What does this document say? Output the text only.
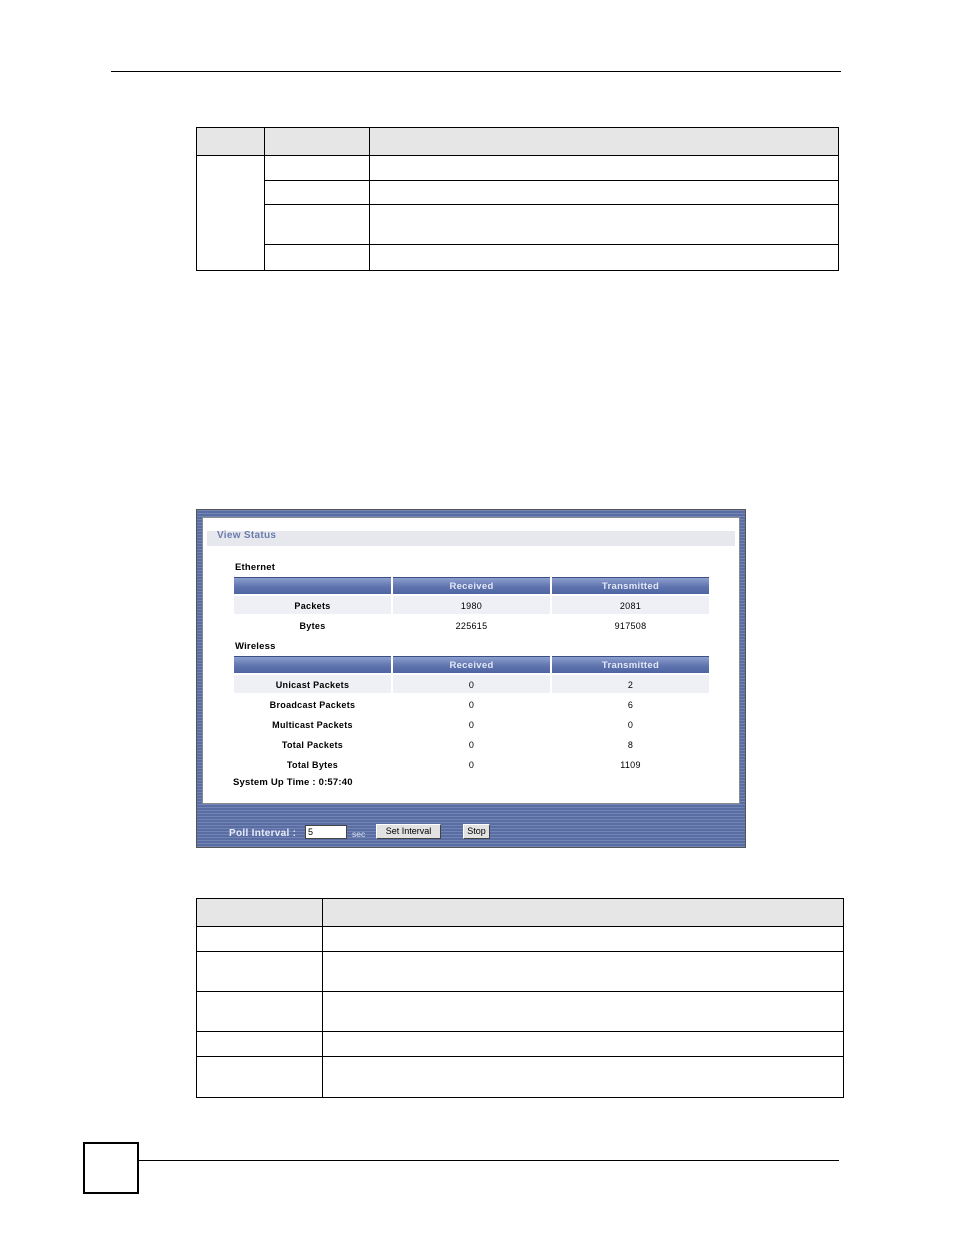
View Status
Ethernet
Received	Transmitted
Packets	1980	2081
Bytes	225615	917508
Wireless
Received	Transmitted
Unicast Packets	0	2
Broadcast Packets	0	6
Multicast Packets	0	0
Total Packets	0	8
Total Bytes	0	1109
System Up Time : 0:57:40
Poll Interval :
5	sec	Set Interval	Stop
